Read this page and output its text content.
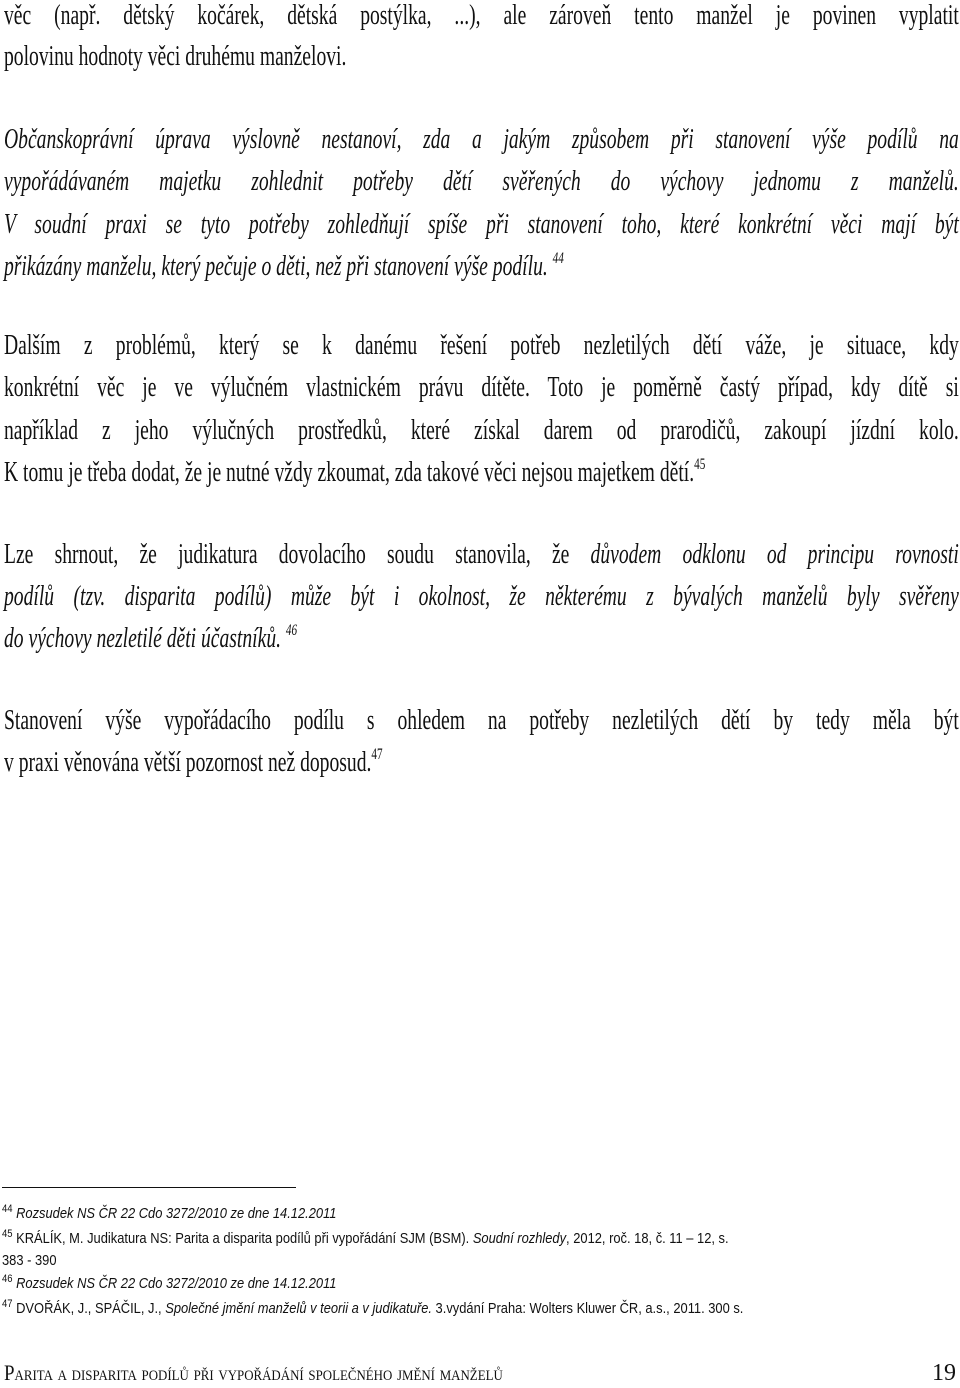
věc (např. dětský kočárek, dětská postýlka, ...), ale zároveň tento manžel je povinen vyplatit
polovinu hodnoty věci druhému manželovi.
Občanskoprávní úprava výslovně nestanoví, zda a jakým způsobem při stanovení výše podílů na
vypořádávaném majetku zohlednit potřeby dětí svěřených do výchovy jednomu z manželů.
V soudní praxi se tyto potřeby zohledňují spíše při stanovení toho, které konkrétní věci mají být
přikázány manželu, který pečuje o děti, než při stanovení výše podílu. $^{44}$
Dalším z problémů, který se k danému řešení potřeb nezletilých dětí váže, je situace, kdy
konkrétní věc je ve výlučném vlastnickém právu dítěte. Toto je poměrně častý případ, kdy dítě si
například z jeho výlučných prostředků, které získal darem od prarodičů, zakoupí jízdní kolo.
K tomu je třeba dodat, že je nutné vždy zkoumat, zda takové věci nejsou majetkem dětí.$^{45}$
Lze shrnout, že judikatura dovolacího soudu stanovila, že důvodem odklonu od principu rovnosti
podílů (tzv. disparita podílů) může být i okolnost, že některému z bývalých manželů byly svěřeny
do výchovy nezletilé děti účastníků. $^{46}$
Stanovení výše vypořádacího podílu s ohledem na potřeby nezletilých dětí by tedy měla být
v praxi věnována větší pozornost než doposud.$^{47}$
$^{44}$ Rozsudek NS ČR 22 Cdo 3272/2010 ze dne 14.12.2011
$^{45}$ KRÁLÍK, M. Judikatura NS: Parita a disparita podílů při vypořádání SJM (BSM). Soudní rozhledy, 2012, roč. 18, č. 11 – 12, s.
383 - 390
$^{46}$ Rozsudek NS ČR 22 Cdo 3272/2010 ze dne 14.12.2011
$^{47}$ DVOŘÁK, J., SPÁČIL, J., Společné jmění manželů v teorii a v judikatuře. 3.vydání Praha: Wolters Kluwer ČR, a.s., 2011. 300 s.
Parita a disparita podílů při vypořádání společného jmění manželů	19
